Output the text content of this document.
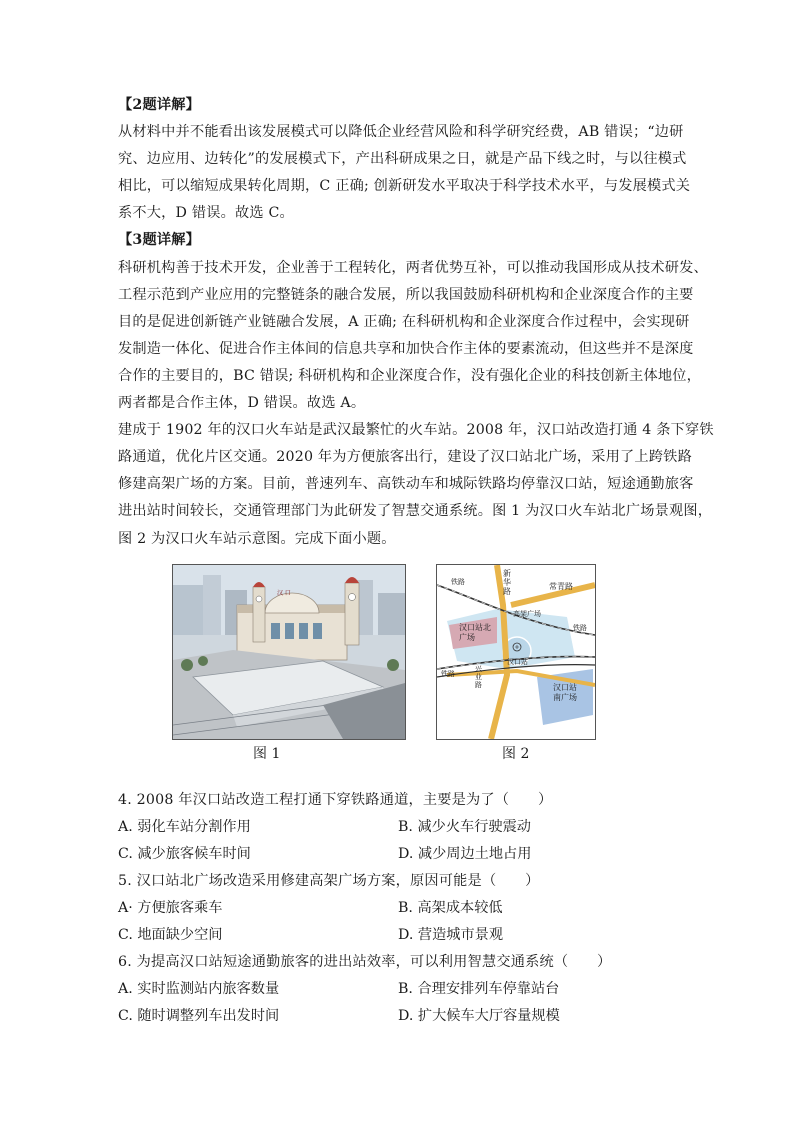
【2题详解】
从材料中并不能看出该发展模式可以降低企业经营风险和科学研究经费，AB 错误；“边研
究、边应用、边转化”的发展模式下，产出科研成果之日，就是产品下线之时，与以往模式
相比，可以缩短成果转化周期，C 正确; 创新研发水平取决于科学技术水平，与发展模式关
系不大，D 错误。故选 C。
【3题详解】
科研机构善于技术开发，企业善于工程转化，两者优势互补，可以推动我国形成从技术研发、
工程示范到产业应用的完整链条的融合发展，所以我国鼓励科研机构和企业深度合作的主要
目的是促进创新链产业链融合发展，A 正确; 在科研机构和企业深度合作过程中，会实现研
发制造一体化、促进合作主体间的信息共享和加快合作主体的要素流动，但这些并不是深度
合作的主要目的，BC 错误; 科研机构和企业深度合作，没有强化企业的科技创新主体地位，
两者都是合作主体，D 错误。故选 A。
建成于 1902 年的汉口火车站是武汉最繁忙的火车站。2008 年，汉口站改造打通 4 条下穿铁
路通道，优化片区交通。2020 年为方便旅客出行，建设了汉口站北广场，采用了上跨铁路
修建高架广场的方案。目前，普速列车、高铁动车和城际铁路均停靠汉口站，短途通勤旅客
进出站时间较长，交通管理部门为此研发了智慧交通系统。图 1 为汉口火车站北广场景观图，
图 2 为汉口火车站示意图。完成下面小题。
汉 口
新华路
常青路
铁路
铁路
铁路
兴业路
汉口站北广场
高架广场
汉口站
汉口站南广场
图 1	图 2
4. 2008 年汉口站改造工程打通下穿铁路通道，主要是为了（　　）
A. 弱化车站分割作用	B. 减少火车行驶震动
C. 减少旅客候车时间	D. 减少周边土地占用
5. 汉口站北广场改造采用修建高架广场方案，原因可能是（　　）
A· 方便旅客乘车	B. 高架成本较低
C. 地面缺少空间	D. 营造城市景观
6. 为提高汉口站短途通勤旅客的进出站效率，可以利用智慧交通系统（　　）
A. 实时监测站内旅客数量	B. 合理安排列车停靠站台
C. 随时调整列车出发时间	D. 扩大候车大厅容量规模
